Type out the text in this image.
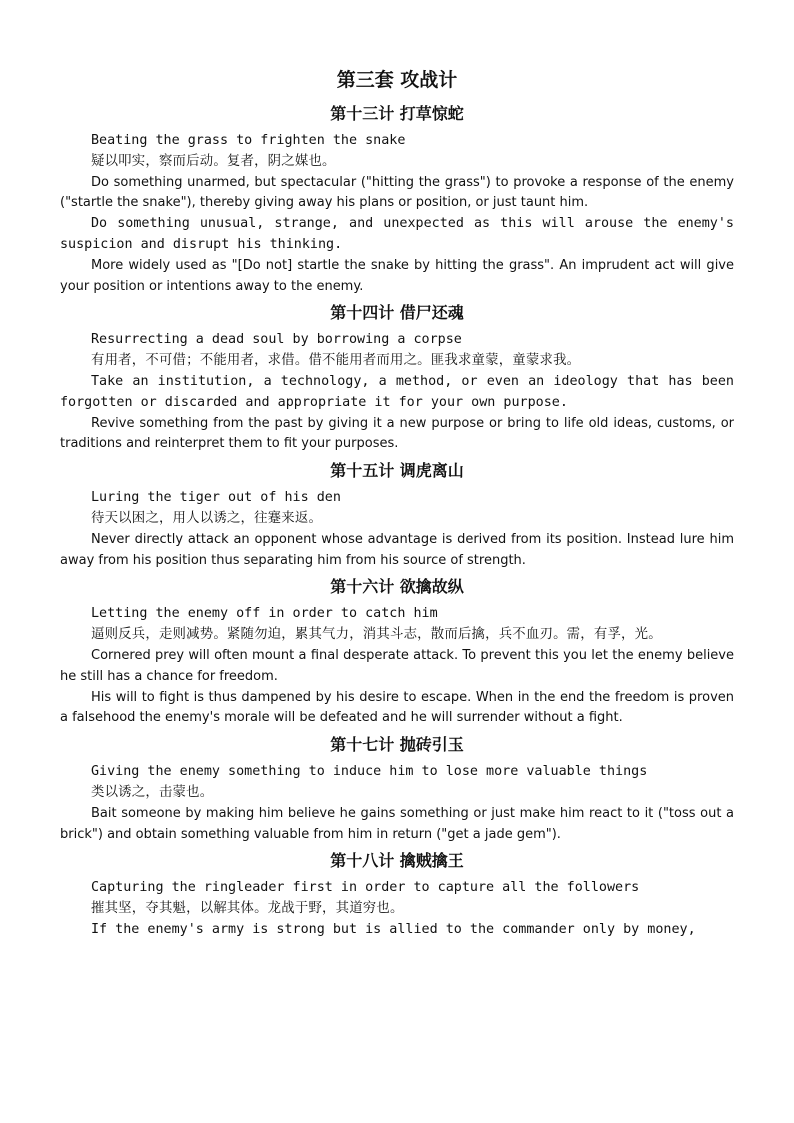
第三套 攻战计
第十三计 打草惊蛇

Beating the grass to frighten the snake

疑以叩实，察而后动。复者，阴之媒也。

Do something unarmed, but spectacular ("hitting the grass") to provoke a response of the enemy ("startle the snake"), thereby giving away his plans or position, or just taunt him.

Do something unusual, strange, and unexpected as this will arouse the enemy's suspicion and disrupt his thinking.

More widely used as "[Do not] startle the snake by hitting the grass". An imprudent act will give your position or intentions away to the enemy.

第十四计 借尸还魂

Resurrecting a dead soul by borrowing a corpse

有用者，不可借；不能用者，求借。借不能用者而用之。匪我求童蒙，童蒙求我。

Take an institution, a technology, a method, or even an ideology that has been forgotten or discarded and appropriate it for your own purpose.

Revive something from the past by giving it a new purpose or bring to life old ideas, customs, or traditions and reinterpret them to fit your purposes.

第十五计 调虎离山

Luring the tiger out of his den

待天以困之，用人以诱之，往蹇来返。

Never directly attack an opponent whose advantage is derived from its position. Instead lure him away from his position thus separating him from his source of strength.

第十六计 欲擒故纵

Letting the enemy off in order to catch him

逼则反兵，走则减势。紧随勿迫，累其气力，消其斗志，散而后擒，兵不血刃。需，有孚，光。

Cornered prey will often mount a final desperate attack. To prevent this you let the enemy believe he still has a chance for freedom.

His will to fight is thus dampened by his desire to escape. When in the end the freedom is proven a falsehood the enemy's morale will be defeated and he will surrender without a fight.

第十七计 抛砖引玉

Giving the enemy something to induce him to lose more valuable things

类以诱之，击蒙也。

Bait someone by making him believe he gains something or just make him react to it ("toss out a brick") and obtain something valuable from him in return ("get a jade gem").

第十八计 擒贼擒王

Capturing the ringleader first in order to capture all the followers

摧其坚，夺其魁，以解其体。龙战于野，其道穷也。

If the enemy's army is strong but is allied to the commander only by money,
